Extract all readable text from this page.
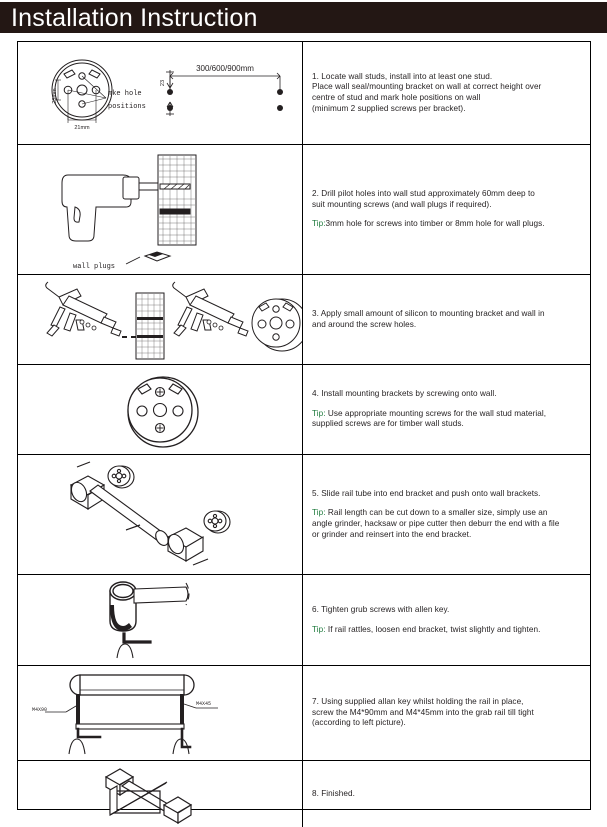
Installation Instruction
23mm
21mm
mke hole
positions
23
300/600/900mm
1. Locate wall studs, install into at least one stud.
Place wall seal/mounting bracket on wall at correct height over
centre of stud and mark hole positions on wall
(minimum 2 supplied screws per bracket).
wall plugs
2. Drill pilot holes into wall stud approximately 60mm deep to
suit mounting screws (and wall plugs if required).
Tip:3mm hole for screws into timber or 8mm hole for wall plugs.
3. Apply small amount of silicon to mounting bracket and wall in
and around the screw holes.
4. Install mounting brackets by screwing onto wall.
Tip: Use appropriate mounting screws for the wall stud material,
supplied screws are for timber wall studs.
5. Slide rail tube into end bracket and push onto wall brackets.
Tip: Rail length can be cut down to a smaller size, simply use an
angle grinder, hacksaw or pipe cutter then deburr the end with a file
or grinder and reinsert into the end bracket.
6. Tighten grub screws with allen key.
Tip: If rail rattles, loosen end bracket, twist slightly and tighten.
M4X90
M4X45	7. Using supplied allan key whilst holding the rail in place,
screw the M4*90mm and M4*45mm into the grab rail till tight
(according to left picture).
8. Finished.
